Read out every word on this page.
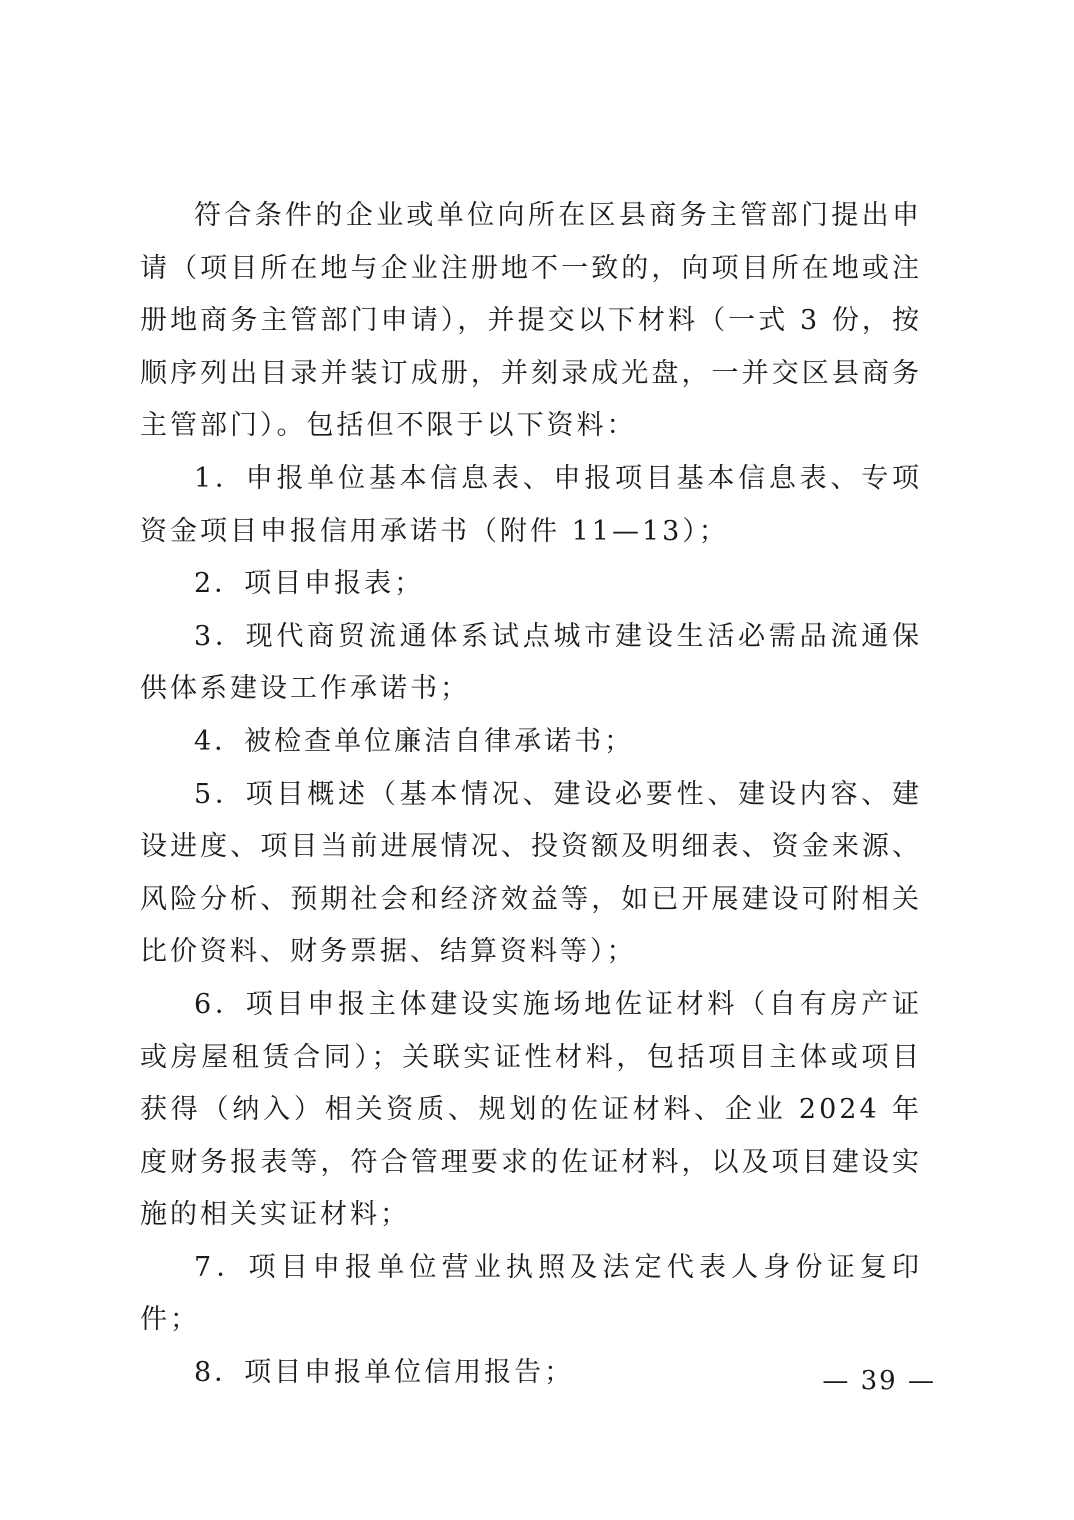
符合条件的企业或单位向所在区县商务主管部门提出申请（项目所在地与企业注册地不一致的，向项目所在地或注册地商务主管部门申请），并提交以下材料（一式 3 份，按顺序列出目录并装订成册，并刻录成光盘，一并交区县商务主管部门）。包括但不限于以下资料：

1．申报单位基本信息表、申报项目基本信息表、专项资金项目申报信用承诺书（附件 11—13）；

2．项目申报表；

3．现代商贸流通体系试点城市建设生活必需品流通保供体系建设工作承诺书；

4．被检查单位廉洁自律承诺书；

5．项目概述（基本情况、建设必要性、建设内容、建设进度、项目当前进展情况、投资额及明细表、资金来源、风险分析、预期社会和经济效益等，如已开展建设可附相关比价资料、财务票据、结算资料等）；

6．项目申报主体建设实施场地佐证材料（自有房产证或房屋租赁合同）；关联实证性材料，包括项目主体或项目获得（纳入）相关资质、规划的佐证材料、企业 2024 年度财务报表等，符合管理要求的佐证材料，以及项目建设实施的相关实证材料；

7．项目申报单位营业执照及法定代表人身份证复印件；

8．项目申报单位信用报告；	— 39 —
